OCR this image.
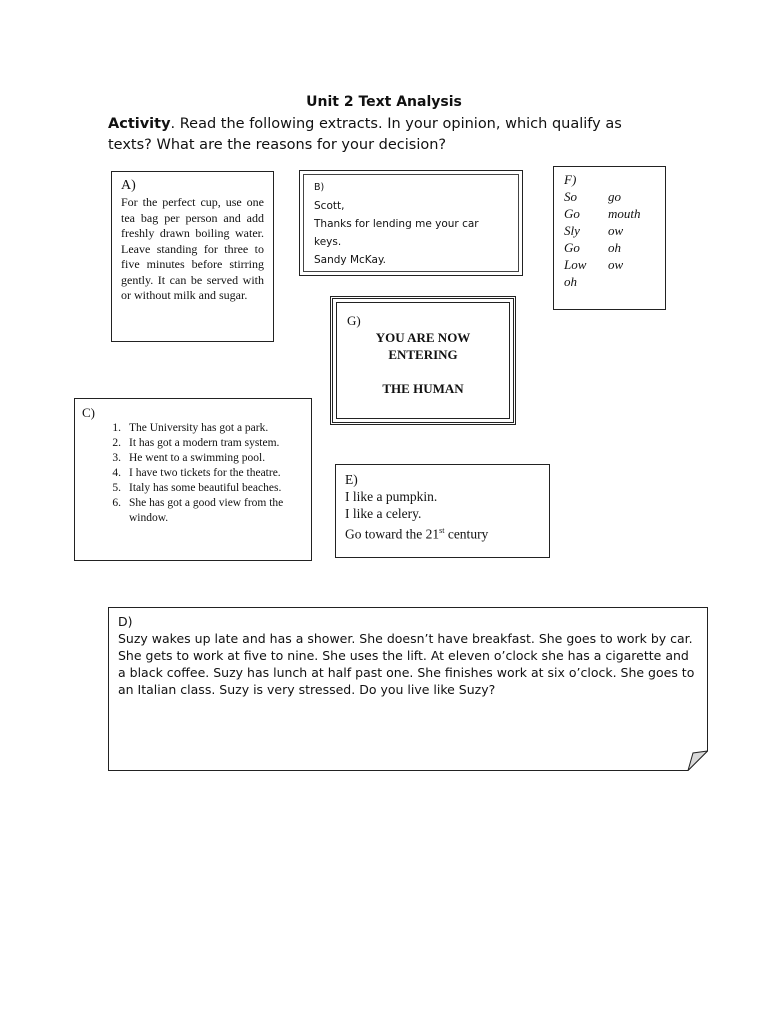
Unit 2 Text Analysis
Activity. Read the following extracts. In your opinion, which qualify as texts? What are the reasons for your decision?
A)
For the perfect cup, use one tea bag per person and add freshly drawn boiling water. Leave standing for three to five minutes before stirring gently. It can be served with or without milk and sugar.
B)
Scott,
Thanks for lending me your car keys.
Sandy McKay.
F)
So	go
Go	mouth
Sly	ow
Go	oh
Low	ow
oh
G)
YOU ARE NOW
ENTERING
THE HUMAN
C)
1. The University has got a park.
2. It has got a modern tram system.
3. He went to a swimming pool.
4. I have two tickets for the theatre.
5. Italy has some beautiful beaches.
6. She has got a good view from the window.
E)
I like a pumpkin.
I like a celery.
Go toward the 21st century
D)
Suzy wakes up late and has a shower. She doesn’t have breakfast. She goes to work by car. She gets to work at five to nine. She uses the lift. At eleven o’clock she has a cigarette and a black coffee. Suzy has lunch at half past one. She finishes work at six o’clock. She goes to an Italian class. Suzy is very stressed. Do you live like Suzy?
